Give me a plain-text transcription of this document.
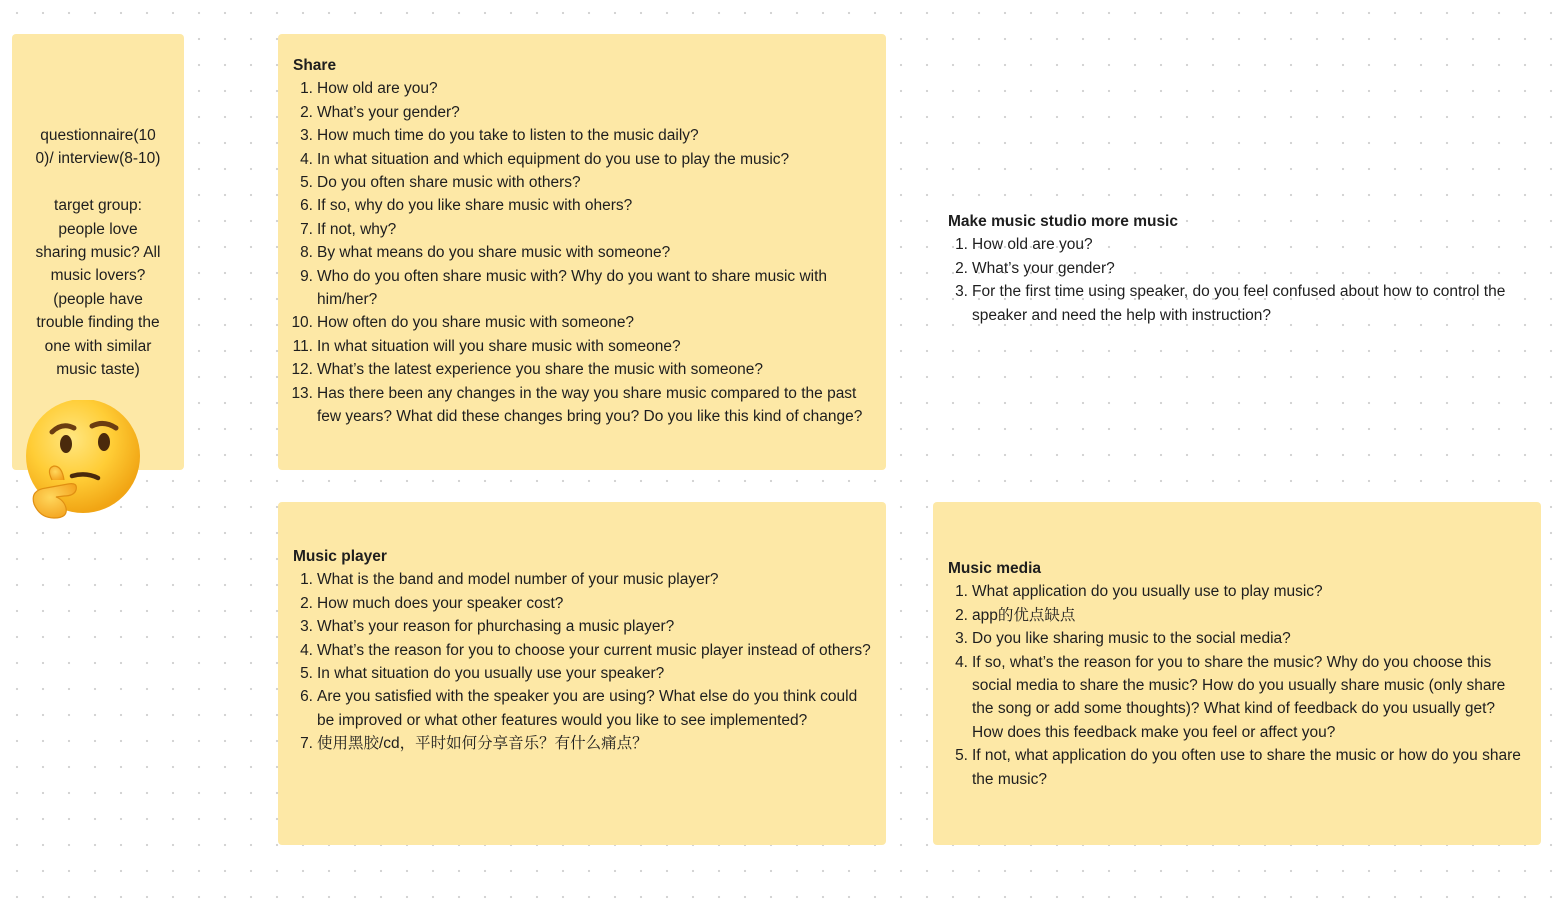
questionnaire(10
0)/ interview(8-10)
target group:
people love
sharing music? All
music lovers?
(people have
trouble finding the
one with similar
music taste)
Share
1. How old are you?
2. What’s your gender?
3. How much time do you take to listen to the music daily?
4. In what situation and which equipment do you use to play the music?
5. Do you often share music with others?
6. If so, why do you like share music with ohers?
7. If not, why?
8. By what means do you share music with someone?
9. Who do you often share music with? Why do you want to share music with him/her?
10. How often do you share music with someone?
11. In what situation will you share music with someone?
12. What’s the latest experience you share the music with someone?
13. Has there been any changes in the way you share music compared to the past few years? What did these changes bring you? Do you like this kind of change?
Make music studio more music
1. How old are you?
2. What’s your gender?
3. For the first time using speaker, do you feel confused about how to control the speaker and need the help with instruction?
Music player
1. What is the band and model number of your music player?
2. How much does your speaker cost?
3. What’s your reason for phurchasing a music player?
4. What’s the reason for you to choose your current music player instead of others?
5. In what situation do you usually use your speaker?
6. Are you satisfied with the speaker you are using? What else do you think could be improved or what other features would you like to see implemented?
7. 使用黑胶/cd，平时如何分享音乐？有什么痛点？
Music media
1. What application do you usually use to play music?
2. app的优点缺点
3. Do you like sharing music to the social media?
4. If so, what’s the reason for you to share the music? Why do you choose this social media to share the music? How do you usually share music (only share the song or add some thoughts)? What kind of feedback do you usually get? How does this feedback make you feel or affect you?
5. If not, what application do you often use to share the music or how do you share the music?
